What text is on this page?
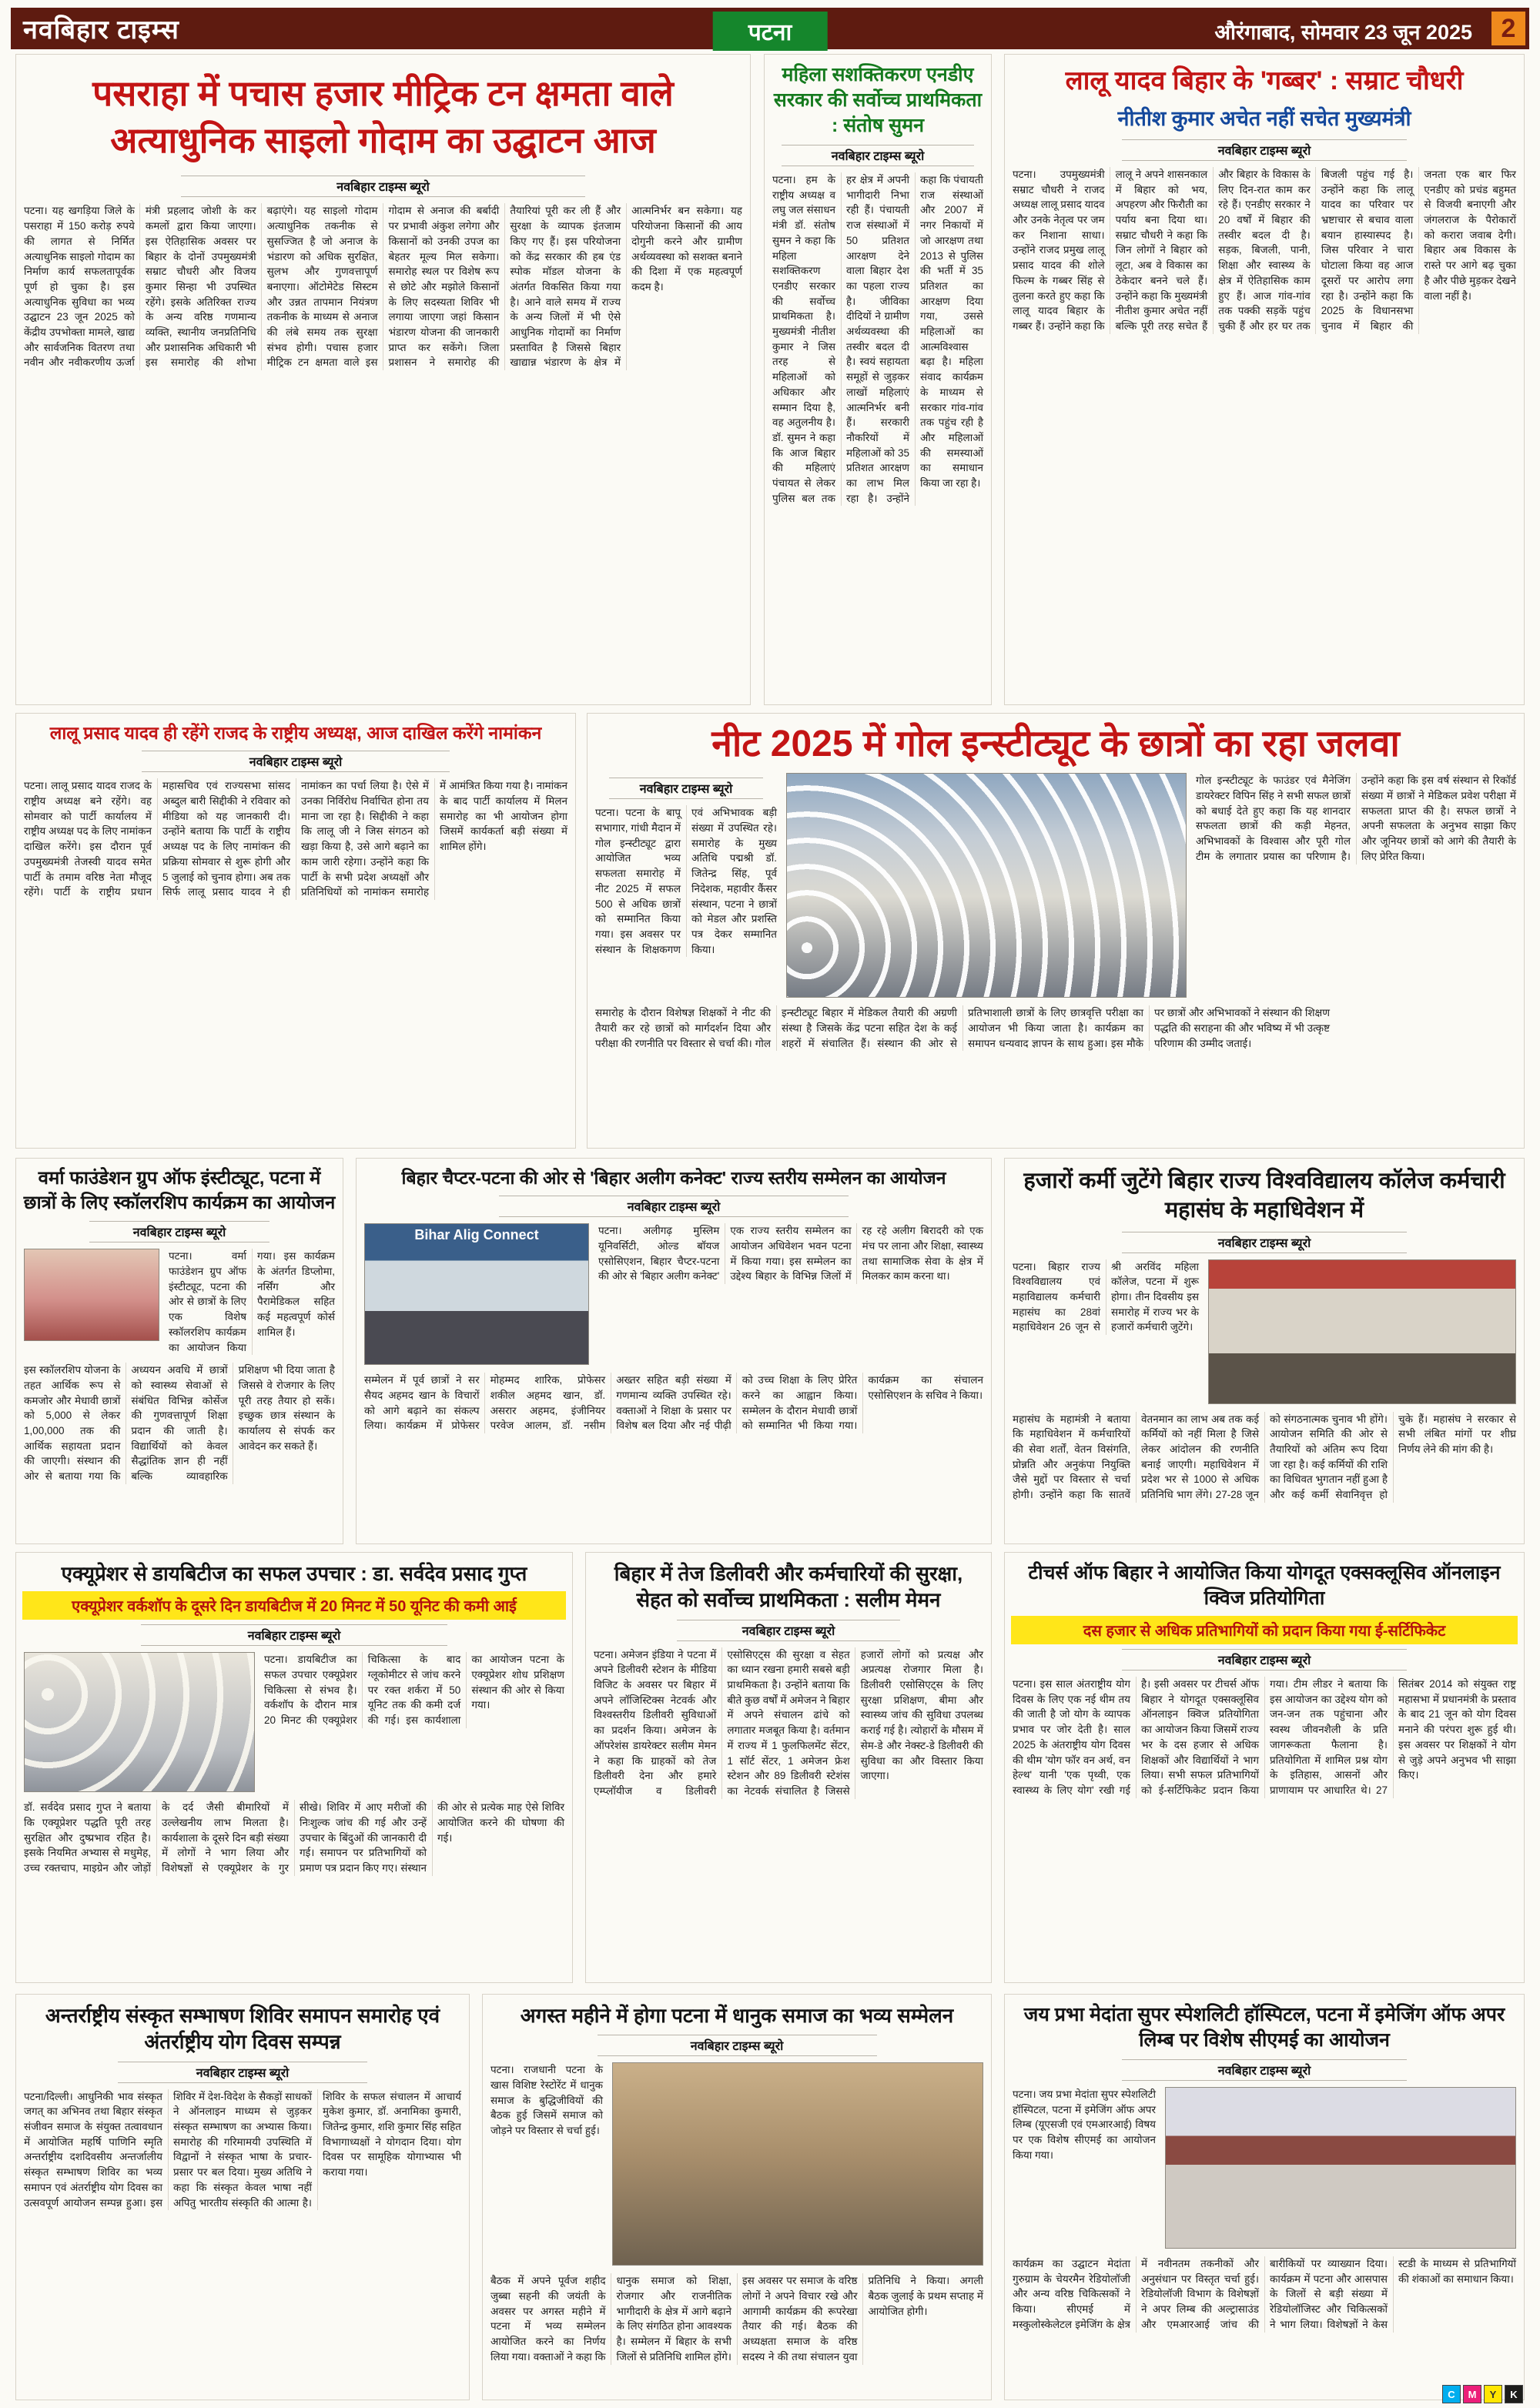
नवबिहार टाइम्स	पटना	औरंगाबाद, सोमवार 23 जून 2025	2
पसराहा में पचास हजार मीट्रिक टन क्षमता वाले अत्याधुनिक साइलो गोदाम का उद्घाटन आज
नवबिहार टाइम्स ब्यूरो
पटना। यह खगड़िया जिले के पसराहा में 150 करोड़ रुपये की लागत से निर्मित अत्याधुनिक साइलो गोदाम का निर्माण कार्य सफलतापूर्वक पूर्ण हो चुका है। इस अत्याधुनिक सुविधा का भव्य उद्घाटन 23 जून 2025 को केंद्रीय उपभोक्ता मामले, खाद्य और सार्वजनिक वितरण तथा नवीन और नवीकरणीय ऊर्जा मंत्री प्रहलाद जोशी के कर कमलों द्वारा किया जाएगा। इस ऐतिहासिक अवसर पर बिहार के दोनों उपमुख्यमंत्री सम्राट चौधरी और विजय कुमार सिन्हा भी उपस्थित रहेंगे। इसके अतिरिक्त राज्य के अन्य वरिष्ठ गणमान्य व्यक्ति, स्थानीय जनप्रतिनिधि और प्रशासनिक अधिकारी भी इस समारोह की शोभा बढ़ाएंगे। यह साइलो गोदाम अत्याधुनिक तकनीक से सुसज्जित है जो अनाज के भंडारण को अधिक सुरक्षित, सुलभ और गुणवत्तापूर्ण बनाएगा। ऑटोमेटेड सिस्टम और उन्नत तापमान नियंत्रण तकनीक के माध्यम से अनाज की लंबे समय तक सुरक्षा संभव होगी। पचास हजार मीट्रिक टन क्षमता वाले इस गोदाम से अनाज की बर्बादी पर प्रभावी अंकुश लगेगा और किसानों को उनकी उपज का बेहतर मूल्य मिल सकेगा। समारोह स्थल पर विशेष रूप से छोटे और मझोले किसानों के लिए सदस्यता शिविर भी लगाया जाएगा जहां किसान भंडारण योजना की जानकारी प्राप्त कर सकेंगे। जिला प्रशासन ने समारोह की तैयारियां पूरी कर ली हैं और सुरक्षा के व्यापक इंतजाम किए गए हैं। इस परियोजना को केंद्र सरकार की हब एंड स्पोक मॉडल योजना के अंतर्गत विकसित किया गया है। आने वाले समय में राज्य के अन्य जिलों में भी ऐसे आधुनिक गोदामों का निर्माण प्रस्तावित है जिससे बिहार खाद्यान्न भंडारण के क्षेत्र में आत्मनिर्भर बन सकेगा। यह परियोजना किसानों की आय दोगुनी करने और ग्रामीण अर्थव्यवस्था को सशक्त बनाने की दिशा में एक महत्वपूर्ण कदम है।
महिला सशक्तिकरण एनडीए सरकार की सर्वोच्च प्राथमिकता : संतोष सुमन
नवबिहार टाइम्स ब्यूरो
पटना। हम के राष्ट्रीय अध्यक्ष व लघु जल संसाधन मंत्री डॉ. संतोष सुमन ने कहा कि महिला सशक्तिकरण एनडीए सरकार की सर्वोच्च प्राथमिकता है। मुख्यमंत्री नीतीश कुमार ने जिस तरह से महिलाओं को अधिकार और सम्मान दिया है, वह अतुलनीय है। डॉ. सुमन ने कहा कि आज बिहार की महिलाएं पंचायत से लेकर पुलिस बल तक हर क्षेत्र में अपनी भागीदारी निभा रही हैं। पंचायती राज संस्थाओं में 50 प्रतिशत आरक्षण देने वाला बिहार देश का पहला राज्य है। जीविका दीदियों ने ग्रामीण अर्थव्यवस्था की तस्वीर बदल दी है। स्वयं सहायता समूहों से जुड़कर लाखों महिलाएं आत्मनिर्भर बनी हैं। सरकारी नौकरियों में महिलाओं को 35 प्रतिशत आरक्षण का लाभ मिल रहा है। उन्होंने कहा कि पंचायती राज संस्थाओं और 2007 में नगर निकायों में जो आरक्षण तथा 2013 से पुलिस की भर्ती में 35 प्रतिशत का आरक्षण दिया गया, उससे महिलाओं का आत्मविश्वास बढ़ा है। महिला संवाद कार्यक्रम के माध्यम से सरकार गांव-गांव तक पहुंच रही है और महिलाओं की समस्याओं का समाधान किया जा रहा है।
लालू यादव बिहार के 'गब्बर' : सम्राट चौधरी
नीतीश कुमार अचेत नहीं सचेत मुख्यमंत्री
नवबिहार टाइम्स ब्यूरो
पटना। उपमुख्यमंत्री सम्राट चौधरी ने राजद अध्यक्ष लालू प्रसाद यादव और उनके नेतृत्व पर जम कर निशाना साधा। उन्होंने राजद प्रमुख लालू प्रसाद यादव की शोले फिल्म के गब्बर सिंह से तुलना करते हुए कहा कि लालू यादव बिहार के गब्बर हैं। उन्होंने कहा कि लालू ने अपने शासनकाल में बिहार को भय, अपहरण और फिरौती का पर्याय बना दिया था। सम्राट चौधरी ने कहा कि जिन लोगों ने बिहार को लूटा, अब वे विकास का ठेकेदार बनने चले हैं। उन्होंने कहा कि मुख्यमंत्री नीतीश कुमार अचेत नहीं बल्कि पूरी तरह सचेत हैं और बिहार के विकास के लिए दिन-रात काम कर रहे हैं। एनडीए सरकार ने 20 वर्षों में बिहार की तस्वीर बदल दी है। सड़क, बिजली, पानी, शिक्षा और स्वास्थ्य के क्षेत्र में ऐतिहासिक काम हुए हैं। आज गांव-गांव तक पक्की सड़कें पहुंच चुकी हैं और हर घर तक बिजली पहुंच गई है। उन्होंने कहा कि लालू यादव का परिवार पर भ्रष्टाचार से बचाव वाला बयान हास्यास्पद है। जिस परिवार ने चारा घोटाला किया वह आज दूसरों पर आरोप लगा रहा है। उन्होंने कहा कि 2025 के विधानसभा चुनाव में बिहार की जनता एक बार फिर एनडीए को प्रचंड बहुमत से विजयी बनाएगी और जंगलराज के पैरोकारों को करारा जवाब देगी। बिहार अब विकास के रास्ते पर आगे बढ़ चुका है और पीछे मुड़कर देखने वाला नहीं है।
लालू प्रसाद यादव ही रहेंगे राजद के राष्ट्रीय अध्यक्ष, आज दाखिल करेंगे नामांकन
नवबिहार टाइम्स ब्यूरो
पटना। लालू प्रसाद यादव राजद के राष्ट्रीय अध्यक्ष बने रहेंगे। वह सोमवार को पार्टी कार्यालय में राष्ट्रीय अध्यक्ष पद के लिए नामांकन दाखिल करेंगे। इस दौरान पूर्व उपमुख्यमंत्री तेजस्वी यादव समेत पार्टी के तमाम वरिष्ठ नेता मौजूद रहेंगे। पार्टी के राष्ट्रीय प्रधान महासचिव एवं राज्यसभा सांसद अब्दुल बारी सिद्दीकी ने रविवार को मीडिया को यह जानकारी दी। उन्होंने बताया कि पार्टी के राष्ट्रीय अध्यक्ष पद के लिए नामांकन की प्रक्रिया सोमवार से शुरू होगी और 5 जुलाई को चुनाव होगा। अब तक सिर्फ लालू प्रसाद यादव ने ही नामांकन का पर्चा लिया है। ऐसे में उनका निर्विरोध निर्वाचित होना तय माना जा रहा है। सिद्दीकी ने कहा कि लालू जी ने जिस संगठन को खड़ा किया है, उसे आगे बढ़ाने का काम जारी रहेगा। उन्होंने कहा कि पार्टी के सभी प्रदेश अध्यक्षों और प्रतिनिधियों को नामांकन समारोह में आमंत्रित किया गया है। नामांकन के बाद पार्टी कार्यालय में मिलन समारोह का भी आयोजन होगा जिसमें कार्यकर्ता बड़ी संख्या में शामिल होंगे।
नीट 2025 में गोल इन्स्टीट्यूट के छात्रों का रहा जलवा
नवबिहार टाइम्स ब्यूरो
पटना। पटना के बापू सभागार, गांधी मैदान में गोल इन्स्टीट्यूट द्वारा आयोजित भव्य सफलता समारोह में नीट 2025 में सफल 500 से अधिक छात्रों को सम्मानित किया गया। इस अवसर पर संस्थान के शिक्षकगण एवं अभिभावक बड़ी संख्या में उपस्थित रहे। समारोह के मुख्य अतिथि पद्मश्री डॉ. जितेन्द्र सिंह, पूर्व निदेशक, महावीर कैंसर संस्थान, पटना ने छात्रों को मेडल और प्रशस्ति पत्र देकर सम्मानित किया।
गोल इन्स्टीट्यूट के फाउंडर एवं मैनेजिंग डायरेक्टर विपिन सिंह ने सभी सफल छात्रों को बधाई देते हुए कहा कि यह शानदार सफलता छात्रों की कड़ी मेहनत, अभिभावकों के विश्वास और पूरी गोल टीम के लगातार प्रयास का परिणाम है। उन्होंने कहा कि इस वर्ष संस्थान से रिकॉर्ड संख्या में छात्रों ने मेडिकल प्रवेश परीक्षा में सफलता प्राप्त की है। सफल छात्रों ने अपनी सफलता के अनुभव साझा किए और जूनियर छात्रों को आगे की तैयारी के लिए प्रेरित किया।
समारोह के दौरान विशेषज्ञ शिक्षकों ने नीट की तैयारी कर रहे छात्रों को मार्गदर्शन दिया और परीक्षा की रणनीति पर विस्तार से चर्चा की। गोल इन्स्टीट्यूट बिहार में मेडिकल तैयारी की अग्रणी संस्था है जिसके केंद्र पटना सहित देश के कई शहरों में संचालित हैं। संस्थान की ओर से प्रतिभाशाली छात्रों के लिए छात्रवृत्ति परीक्षा का आयोजन भी किया जाता है। कार्यक्रम का समापन धन्यवाद ज्ञापन के साथ हुआ। इस मौके पर छात्रों और अभिभावकों ने संस्थान की शिक्षण पद्धति की सराहना की और भविष्य में भी उत्कृष्ट परिणाम की उम्मीद जताई।
वर्मा फाउंडेशन ग्रुप ऑफ इंस्टीट्यूट, पटना में छात्रों के लिए स्कॉलरशिप कार्यक्रम का आयोजन
नवबिहार टाइम्स ब्यूरो
पटना। वर्मा फाउंडेशन ग्रुप ऑफ इंस्टीट्यूट, पटना की ओर से छात्रों के लिए एक विशेष स्कॉलरशिप कार्यक्रम का आयोजन किया गया। इस कार्यक्रम के अंतर्गत डिप्लोमा, नर्सिंग और पैरामेडिकल सहित कई महत्वपूर्ण कोर्स शामिल हैं।
इस स्कॉलरशिप योजना के तहत आर्थिक रूप से कमजोर और मेधावी छात्रों को 5,000 से लेकर 1,00,000 तक की आर्थिक सहायता प्रदान की जाएगी। संस्थान की ओर से बताया गया कि अध्ययन अवधि में छात्रों को स्वास्थ्य सेवाओं से संबंधित विभिन्न कोर्सेज की गुणवत्तापूर्ण शिक्षा प्रदान की जाती है। विद्यार्थियों को केवल सैद्धांतिक ज्ञान ही नहीं बल्कि व्यावहारिक प्रशिक्षण भी दिया जाता है जिससे वे रोजगार के लिए पूरी तरह तैयार हो सकें। इच्छुक छात्र संस्थान के कार्यालय से संपर्क कर आवेदन कर सकते हैं।
बिहार चैप्टर-पटना की ओर से 'बिहार अलीग कनेक्ट' राज्य स्तरीय सम्मेलन का आयोजन
नवबिहार टाइम्स ब्यूरो
Bihar Alig Connect	पटना। अलीगढ़ मुस्लिम यूनिवर्सिटी, ओल्ड बॉयज एसोसिएशन, बिहार चैप्टर-पटना की ओर से 'बिहार अलीग कनेक्ट' एक राज्य स्तरीय सम्मेलन का आयोजन अधिवेशन भवन पटना में किया गया। इस सम्मेलन का उद्देश्य बिहार के विभिन्न जिलों में रह रहे अलीग बिरादरी को एक मंच पर लाना और शिक्षा, स्वास्थ्य तथा सामाजिक सेवा के क्षेत्र में मिलकर काम करना था।
सम्मेलन में पूर्व छात्रों ने सर सैयद अहमद खान के विचारों को आगे बढ़ाने का संकल्प लिया। कार्यक्रम में प्रोफेसर मोहम्मद शारिक, प्रोफेसर शकील अहमद खान, डॉ. असरार अहमद, इंजीनियर परवेज आलम, डॉ. नसीम अख्तर सहित बड़ी संख्या में गणमान्य व्यक्ति उपस्थित रहे। वक्ताओं ने शिक्षा के प्रसार पर विशेष बल दिया और नई पीढ़ी को उच्च शिक्षा के लिए प्रेरित करने का आह्वान किया। सम्मेलन के दौरान मेधावी छात्रों को सम्मानित भी किया गया। कार्यक्रम का संचालन एसोसिएशन के सचिव ने किया।
हजारों कर्मी जुटेंगे बिहार राज्य विश्वविद्यालय कॉलेज कर्मचारी महासंघ के महाधिवेशन में
नवबिहार टाइम्स ब्यूरो
पटना। बिहार राज्य विश्वविद्यालय एवं महाविद्यालय कर्मचारी महासंघ का 28वां महाधिवेशन 26 जून से श्री अरविंद महिला कॉलेज, पटना में शुरू होगा। तीन दिवसीय इस समारोह में राज्य भर के हजारों कर्मचारी जुटेंगे।
महासंघ के महामंत्री ने बताया कि महाधिवेशन में कर्मचारियों की सेवा शर्तों, वेतन विसंगति, प्रोन्नति और अनुकंपा नियुक्ति जैसे मुद्दों पर विस्तार से चर्चा होगी। उन्होंने कहा कि सातवें वेतनमान का लाभ अब तक कई कर्मियों को नहीं मिला है जिसे लेकर आंदोलन की रणनीति बनाई जाएगी। महाधिवेशन में प्रदेश भर से 1000 से अधिक प्रतिनिधि भाग लेंगे। 27-28 जून को संगठनात्मक चुनाव भी होंगे। आयोजन समिति की ओर से तैयारियों को अंतिम रूप दिया जा रहा है। कई कर्मियों की राशि का विधिवत भुगतान नहीं हुआ है और कई कर्मी सेवानिवृत्त हो चुके हैं। महासंघ ने सरकार से सभी लंबित मांगों पर शीघ्र निर्णय लेने की मांग की है।
एक्यूप्रेशर से डायबिटीज का सफल उपचार : डा. सर्वदेव प्रसाद गुप्त
एक्यूप्रेशर वर्कशॉप के दूसरे दिन डायबिटीज में 20 मिनट में 50 यूनिट की कमी आई
नवबिहार टाइम्स ब्यूरो
पटना। डायबिटीज का सफल उपचार एक्यूप्रेशर चिकित्सा से संभव है। वर्कशॉप के दौरान मात्र 20 मिनट की एक्यूप्रेशर चिकित्सा के बाद ग्लूकोमीटर से जांच करने पर रक्त शर्करा में 50 यूनिट तक की कमी दर्ज की गई। इस कार्यशाला का आयोजन पटना के एक्यूप्रेशर शोध प्रशिक्षण संस्थान की ओर से किया गया।
डॉ. सर्वदेव प्रसाद गुप्त ने बताया कि एक्यूप्रेशर पद्धति पूरी तरह सुरक्षित और दुष्प्रभाव रहित है। इसके नियमित अभ्यास से मधुमेह, उच्च रक्तचाप, माइग्रेन और जोड़ों के दर्द जैसी बीमारियों में उल्लेखनीय लाभ मिलता है। कार्यशाला के दूसरे दिन बड़ी संख्या में लोगों ने भाग लिया और विशेषज्ञों से एक्यूप्रेशर के गुर सीखे। शिविर में आए मरीजों की निःशुल्क जांच की गई और उन्हें उपचार के बिंदुओं की जानकारी दी गई। समापन पर प्रतिभागियों को प्रमाण पत्र प्रदान किए गए। संस्थान की ओर से प्रत्येक माह ऐसे शिविर आयोजित करने की घोषणा की गई।
बिहार में तेज डिलीवरी और कर्मचारियों की सुरक्षा, सेहत को सर्वोच्च प्राथमिकता : सलीम मेमन
नवबिहार टाइम्स ब्यूरो
पटना। अमेजन इंडिया ने पटना में अपने डिलीवरी स्टेशन के मीडिया विजिट के अवसर पर बिहार में अपने लॉजिस्टिक्स नेटवर्क और विश्वस्तरीय डिलीवरी सुविधाओं का प्रदर्शन किया। अमेजन के ऑपरेशंस डायरेक्टर सलीम मेमन ने कहा कि ग्राहकों को तेज डिलीवरी देना और हमारे एम्प्लॉयीज व डिलीवरी एसोसिएट्स की सुरक्षा व सेहत का ध्यान रखना हमारी सबसे बड़ी प्राथमिकता है। उन्होंने बताया कि बीते कुछ वर्षों में अमेजन ने बिहार में अपने संचालन ढांचे को लगातार मजबूत किया है। वर्तमान में राज्य में 1 फुलफिलमेंट सेंटर, 1 सॉर्ट सेंटर, 1 अमेजन फ्रेश स्टेशन और 89 डिलीवरी स्टेशंस का नेटवर्क संचालित है जिससे हजारों लोगों को प्रत्यक्ष और अप्रत्यक्ष रोजगार मिला है। डिलीवरी एसोसिएट्स के लिए सुरक्षा प्रशिक्षण, बीमा और स्वास्थ्य जांच की सुविधा उपलब्ध कराई गई है। त्योहारों के मौसम में सेम-डे और नेक्स्ट-डे डिलीवरी की सुविधा का और विस्तार किया जाएगा।
टीचर्स ऑफ बिहार ने आयोजित किया योगदूत एक्सक्लूसिव ऑनलाइन क्विज प्रतियोगिता
दस हजार से अधिक प्रतिभागियों को प्रदान किया गया ई-सर्टिफिकेट
नवबिहार टाइम्स ब्यूरो
पटना। इस साल अंतराष्ट्रीय योग दिवस के लिए एक नई थीम तय की जाती है जो योग के व्यापक प्रभाव पर जोर देती है। साल 2025 के अंतराष्ट्रीय योग दिवस की थीम 'योग फॉर वन अर्थ, वन हेल्थ' यानी 'एक पृथ्वी, एक स्वास्थ्य के लिए योग' रखी गई है। इसी अवसर पर टीचर्स ऑफ बिहार ने योगदूत एक्सक्लूसिव ऑनलाइन क्विज प्रतियोगिता का आयोजन किया जिसमें राज्य भर के दस हजार से अधिक शिक्षकों और विद्यार्थियों ने भाग लिया। सभी सफल प्रतिभागियों को ई-सर्टिफिकेट प्रदान किया गया। टीम लीडर ने बताया कि इस आयोजन का उद्देश्य योग को जन-जन तक पहुंचाना और स्वस्थ जीवनशैली के प्रति जागरूकता फैलाना है। प्रतियोगिता में शामिल प्रश्न योग के इतिहास, आसनों और प्राणायाम पर आधारित थे। 27 सितंबर 2014 को संयुक्त राष्ट्र महासभा में प्रधानमंत्री के प्रस्ताव के बाद 21 जून को योग दिवस मनाने की परंपरा शुरू हुई थी। इस अवसर पर शिक्षकों ने योग से जुड़े अपने अनुभव भी साझा किए।
अन्तर्राष्ट्रीय संस्कृत सम्भाषण शिविर समापन समारोह एवं अंतर्राष्ट्रीय योग दिवस सम्पन्न
नवबिहार टाइम्स ब्यूरो
पटना/दिल्ली। आधुनिकी भाव संस्कृत जगत् का अभिनव तथा बिहार संस्कृत संजीवन समाज के संयुक्त तत्वावधान में आयोजित महर्षि पाणिनि स्मृति अन्तर्राष्ट्रीय दशदिवसीय अन्तर्जालीय संस्कृत सम्भाषण शिविर का भव्य समापन एवं अंतर्राष्ट्रीय योग दिवस का उत्सवपूर्ण आयोजन सम्पन्न हुआ। इस शिविर में देश-विदेश के सैकड़ों साधकों ने ऑनलाइन माध्यम से जुड़कर संस्कृत सम्भाषण का अभ्यास किया। समारोह की गरिमामयी उपस्थिति में विद्वानों ने संस्कृत भाषा के प्रचार-प्रसार पर बल दिया। मुख्य अतिथि ने कहा कि संस्कृत केवल भाषा नहीं अपितु भारतीय संस्कृति की आत्मा है। शिविर के सफल संचालन में आचार्य मुकेश कुमार, डॉ. अनामिका कुमारी, जितेन्द्र कुमार, शशि कुमार सिंह सहित विभागाध्यक्षों ने योगदान दिया। योग दिवस पर सामूहिक योगाभ्यास भी कराया गया।
अगस्त महीने में होगा पटना में धानुक समाज का भव्य सम्मेलन
नवबिहार टाइम्स ब्यूरो
पटना। राजधानी पटना के खास विशिष्ट रेस्टोरेंट में धानुक समाज के बुद्धिजीवियों की बैठक हुई जिसमें समाज को जोड़ने पर विस्तार से चर्चा हुई।
बैठक में अपने पूर्वज शहीद जुब्बा सहनी की जयंती के अवसर पर अगस्त महीने में पटना में भव्य सम्मेलन आयोजित करने का निर्णय लिया गया। वक्ताओं ने कहा कि धानुक समाज को शिक्षा, रोजगार और राजनीतिक भागीदारी के क्षेत्र में आगे बढ़ाने के लिए संगठित होना आवश्यक है। सम्मेलन में बिहार के सभी जिलों से प्रतिनिधि शामिल होंगे। इस अवसर पर समाज के वरिष्ठ लोगों ने अपने विचार रखे और आगामी कार्यक्रम की रूपरेखा तैयार की गई। बैठक की अध्यक्षता समाज के वरिष्ठ सदस्य ने की तथा संचालन युवा प्रतिनिधि ने किया। अगली बैठक जुलाई के प्रथम सप्ताह में आयोजित होगी।
जय प्रभा मेदांता सुपर स्पेशलिटी हॉस्पिटल, पटना में इमेजिंग ऑफ अपर लिम्ब पर विशेष सीएमई का आयोजन
नवबिहार टाइम्स ब्यूरो
पटना। जय प्रभा मेदांता सुपर स्पेशलिटी हॉस्पिटल, पटना में इमेजिंग ऑफ अपर लिम्ब (यूएसजी एवं एमआरआई) विषय पर एक विशेष सीएमई का आयोजन किया गया।
कार्यक्रम का उद्घाटन मेदांता गुरुग्राम के चेयरमैन रेडियोलॉजी और अन्य वरिष्ठ चिकित्सकों ने किया। सीएमई में मस्कुलोस्केलेटल इमेजिंग के क्षेत्र में नवीनतम तकनीकों और अनुसंधान पर विस्तृत चर्चा हुई। रेडियोलॉजी विभाग के विशेषज्ञों ने अपर लिम्ब की अल्ट्रासाउंड और एमआरआई जांच की बारीकियों पर व्याख्यान दिया। कार्यक्रम में पटना और आसपास के जिलों से बड़ी संख्या में रेडियोलॉजिस्ट और चिकित्सकों ने भाग लिया। विशेषज्ञों ने केस स्टडी के माध्यम से प्रतिभागियों की शंकाओं का समाधान किया।
C	M	Y	K
